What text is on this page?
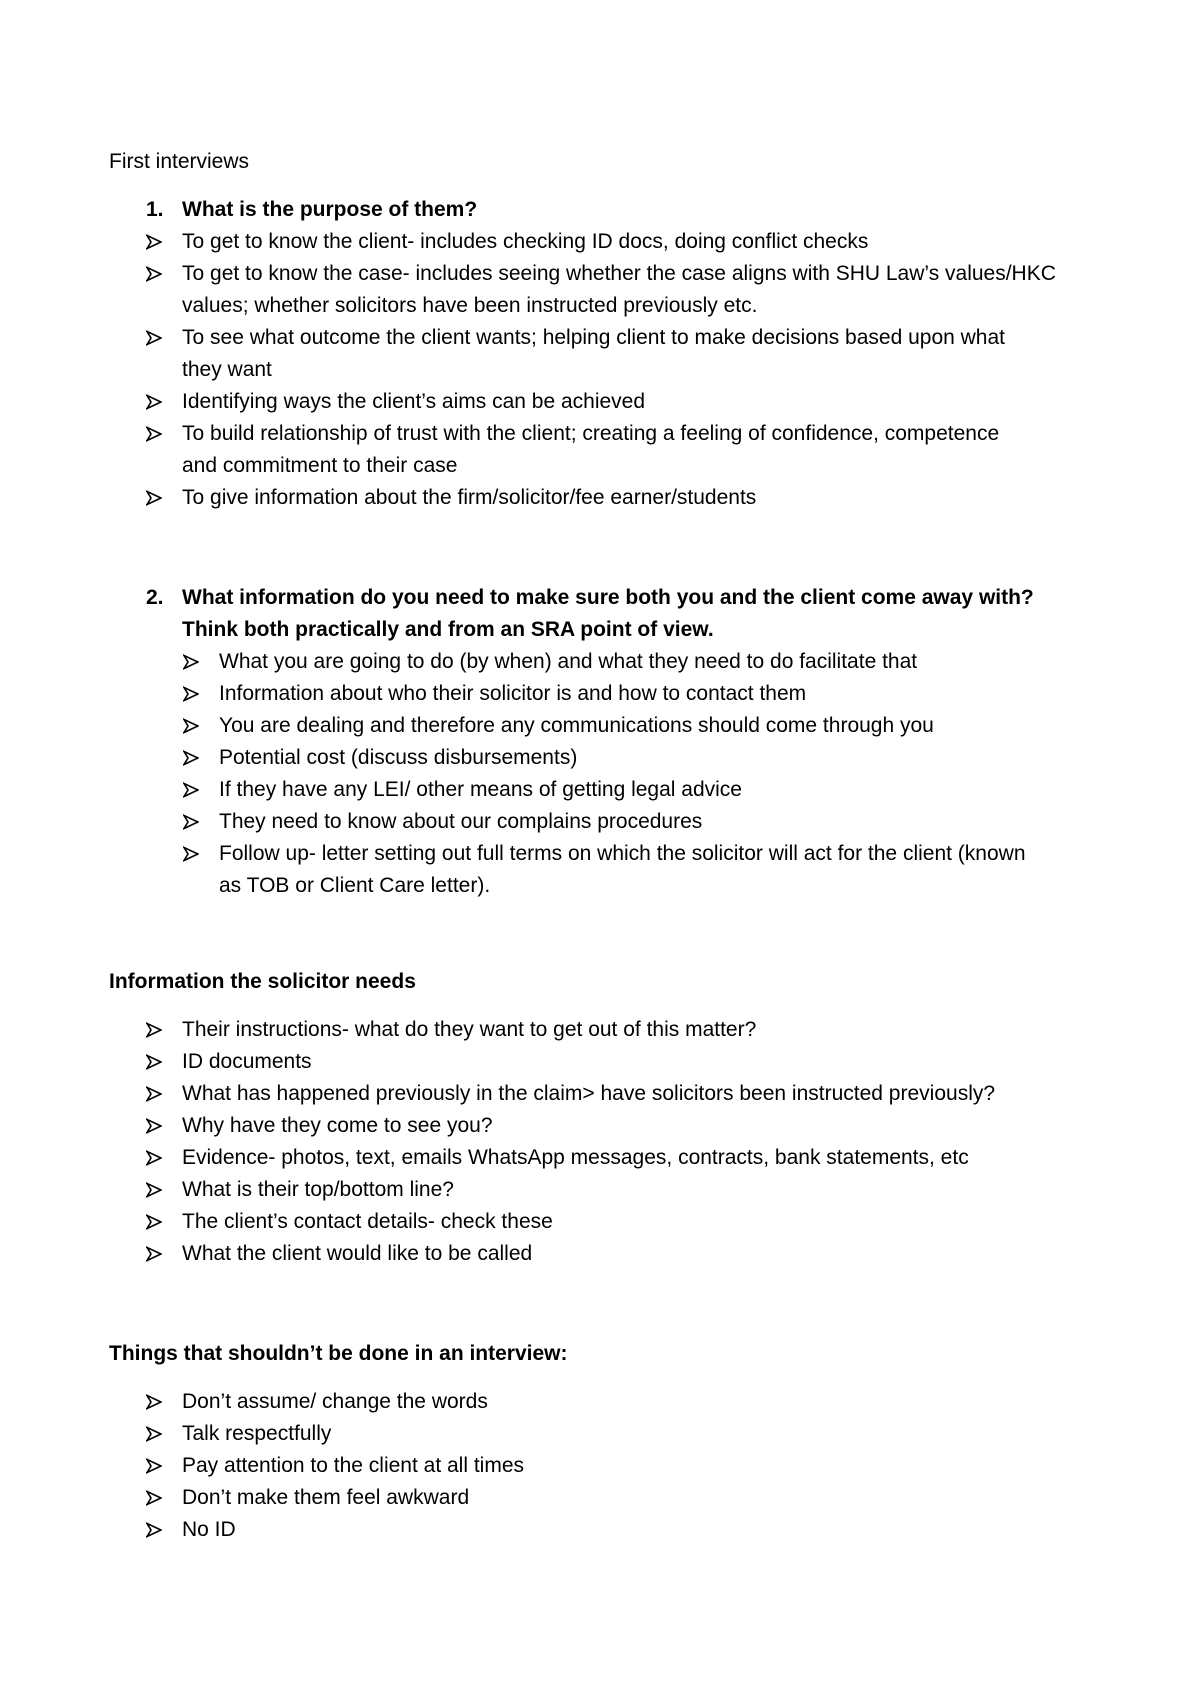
First interviews
1. What is the purpose of them?
To get to know the client- includes checking ID docs, doing conflict checks
To get to know the case- includes seeing whether the case aligns with SHU Law’s values/HKC
values; whether solicitors have been instructed previously etc.
To see what outcome the client wants; helping client to make decisions based upon what
they want
Identifying ways the client’s aims can be achieved
To build relationship of trust with the client; creating a feeling of confidence, competence
and commitment to their case
To give information about the firm/solicitor/fee earner/students
2. What information do you need to make sure both you and the client come away with?
Think both practically and from an SRA point of view.
What you are going to do (by when) and what they need to do facilitate that
Information about who their solicitor is and how to contact them
You are dealing and therefore any communications should come through you
Potential cost (discuss disbursements)
If they have any LEI/ other means of getting legal advice
They need to know about our complains procedures
Follow up- letter setting out full terms on which the solicitor will act for the client (known
as TOB or Client Care letter).
Information the solicitor needs
Their instructions- what do they want to get out of this matter?
ID documents
What has happened previously in the claim> have solicitors been instructed previously?
Why have they come to see you?
Evidence- photos, text, emails WhatsApp messages, contracts, bank statements, etc
What is their top/bottom line?
The client’s contact details- check these
What the client would like to be called
Things that shouldn’t be done in an interview:
Don’t assume/ change the words
Talk respectfully
Pay attention to the client at all times
Don’t make them feel awkward
No ID
